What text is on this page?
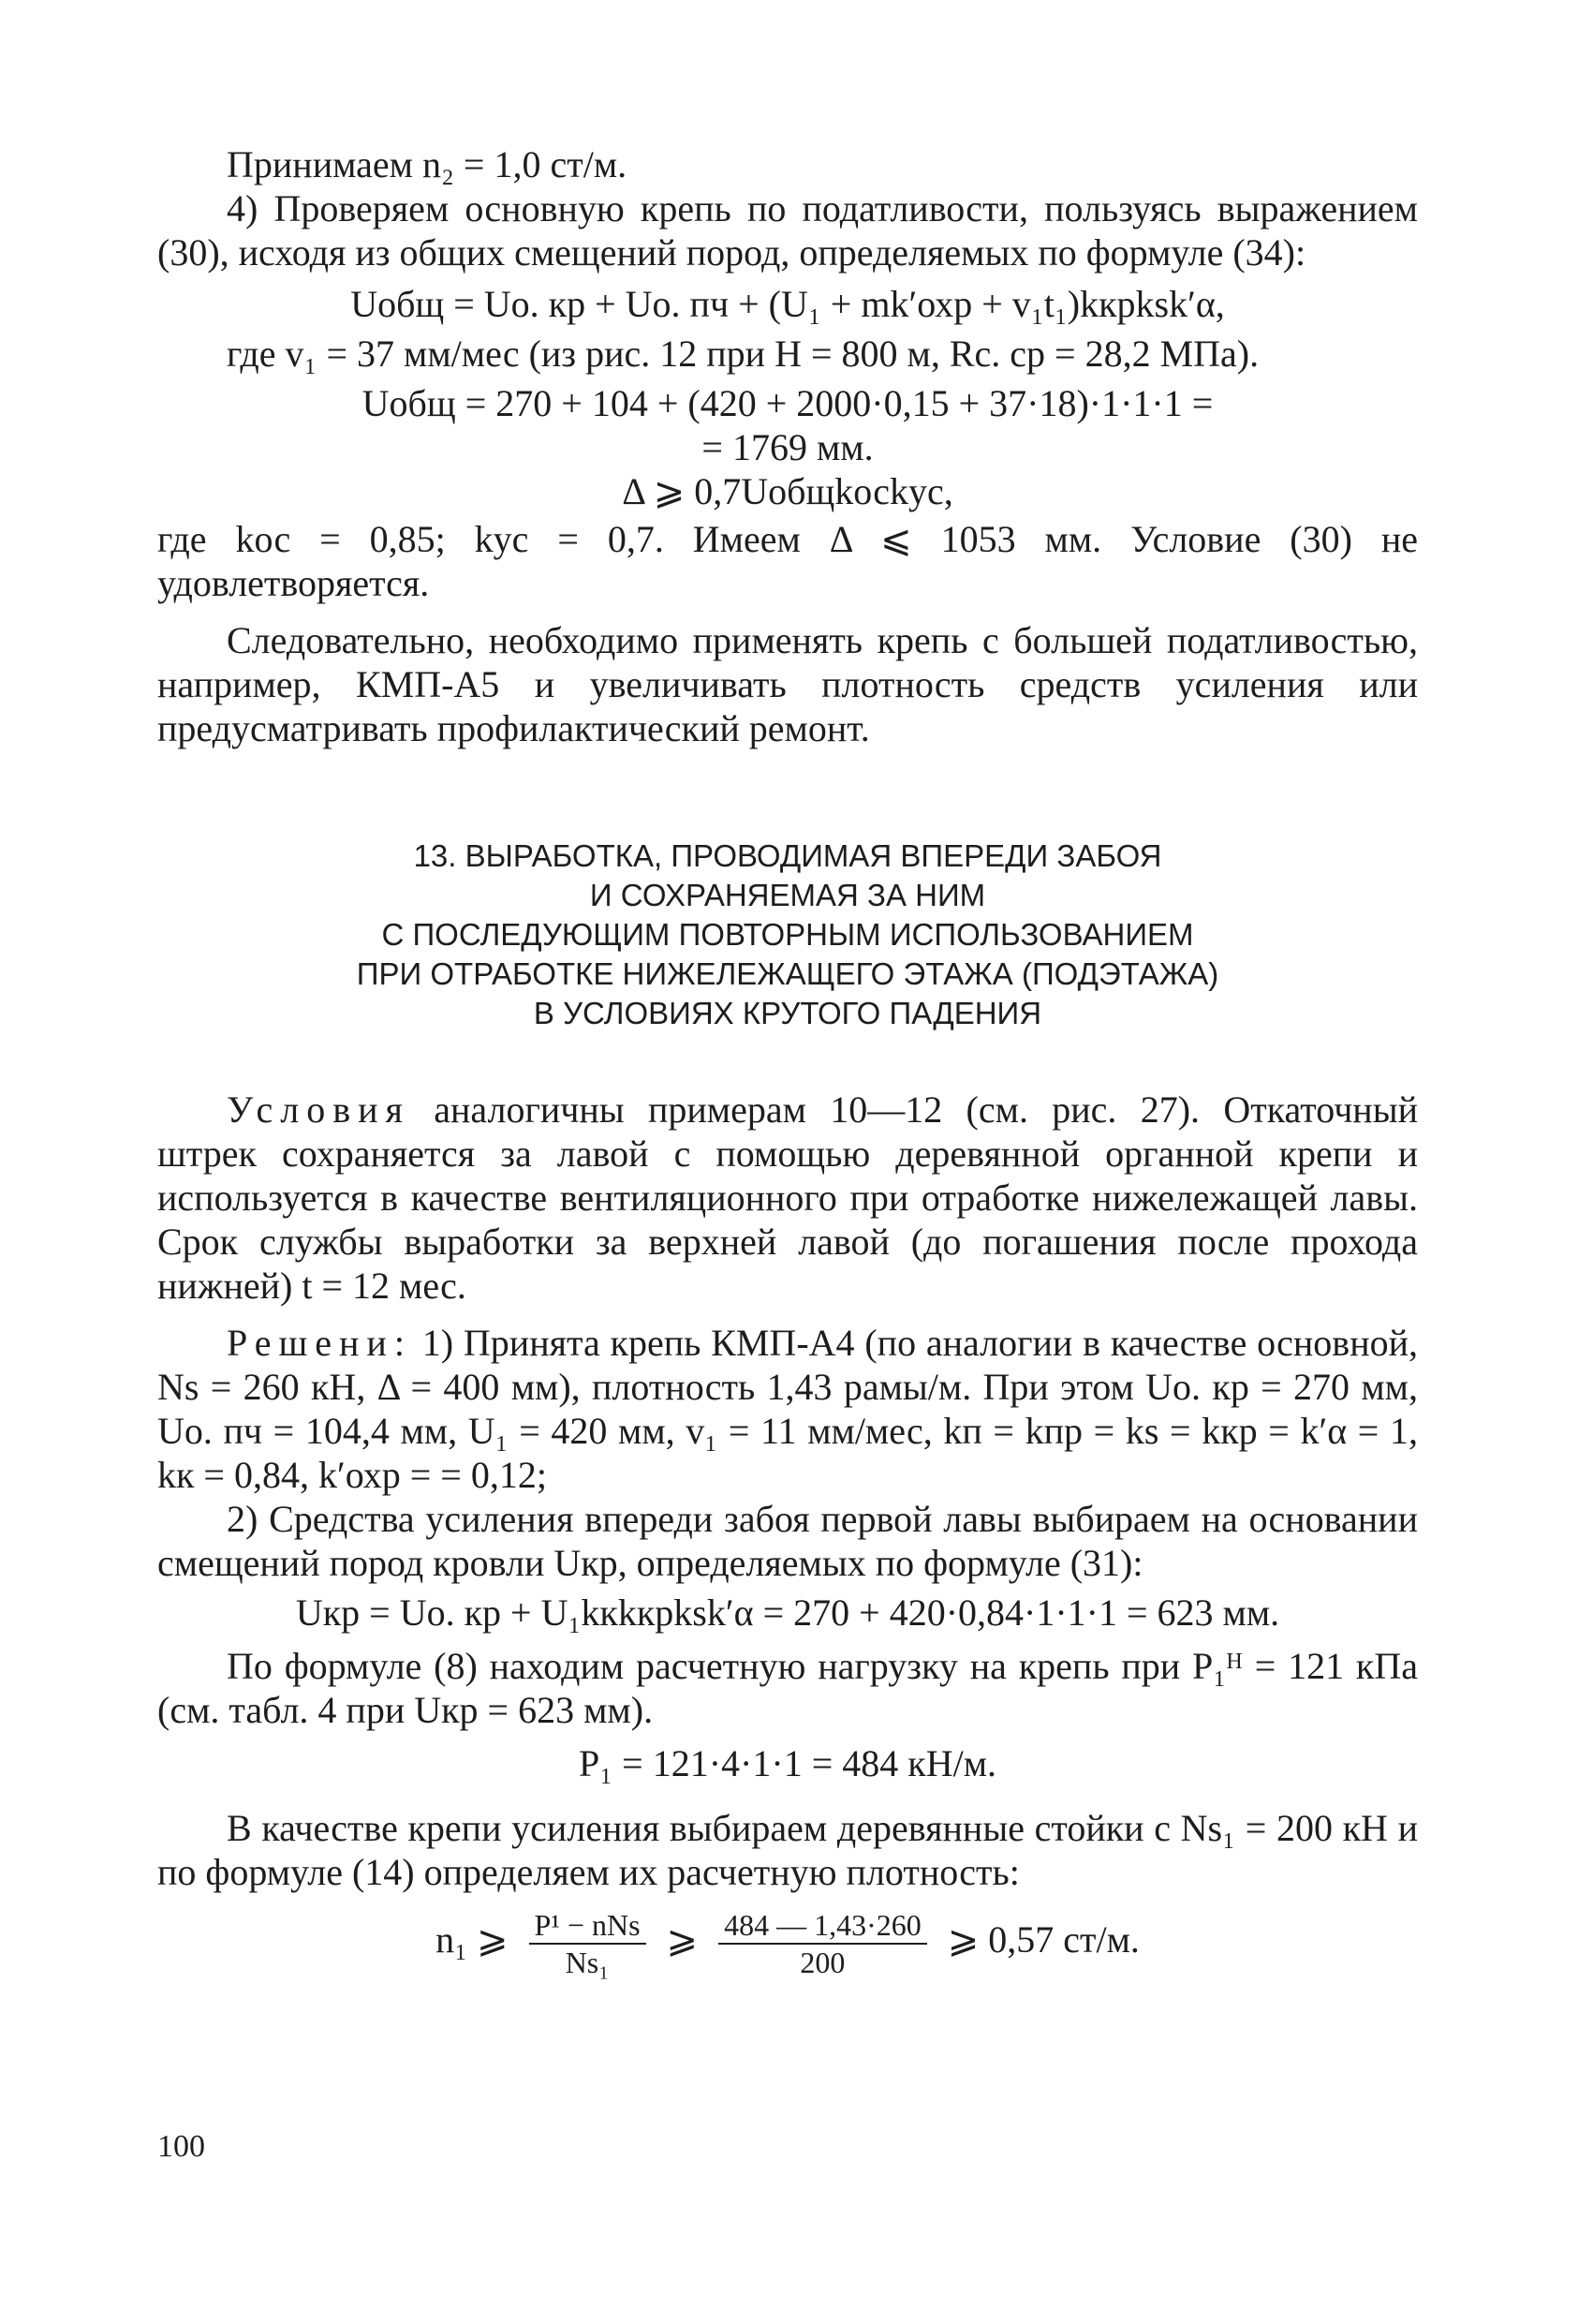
Принимаем n₂ = 1,0 ст/м.

4) Проверяем основную крепь по податливости, пользуясь выражением (30), исходя из общих смещений пород, определяемых по формуле (34):

Uобщ = Uо. кр + Uо. пч + (U₁ + mk′охр + v₁t₁)kкрksk′α,

где v₁ = 37 мм/мес (из рис. 12 при H = 800 м, Rс. ср = 28,2 МПа).

Uобщ = 270 + 104 + (420 + 2000·0,15 + 37·18)·1·1·1 =

= 1769 мм.

Δ ⩾ 0,7Uобщkосkус,

где kос = 0,85; kус = 0,7. Имеем Δ ⩽ 1053 мм. Условие (30) не удовлетворяется.

Следовательно, необходимо применять крепь с большей податливостью, например, КМП-А5 и увеличивать плотность средств усиления или предусматривать профилактический ремонт.

13. ВЫРАБОТКА, ПРОВОДИМАЯ ВПЕРЕДИ ЗАБОЯ
И СОХРАНЯЕМАЯ ЗА НИМ
С ПОСЛЕДУЮЩИМ ПОВТОРНЫМ ИСПОЛЬЗОВАНИЕМ
ПРИ ОТРАБОТКЕ НИЖЕЛЕЖАЩЕГО ЭТАЖА (ПОДЭТАЖА)
В УСЛОВИЯХ КРУТОГО ПАДЕНИЯ

Условия аналогичны примерам 10—12 (см. рис. 27). Откаточный штрек сохраняется за лавой с помощью деревянной органной крепи и используется в качестве вентиляционного при отработке нижележащей лавы. Срок службы выработки за верхней лавой (до погашения после прохода нижней) t = 12 мес.

Решени: 1) Принята крепь КМП-А4 (по аналогии в качестве основной, Ns = 260 кН, Δ = 400 мм), плотность 1,43 рамы/м. При этом Uо. кр = 270 мм, Uо. пч = 104,4 мм, U₁ = 420 мм, v₁ = 11 мм/мес, kп = kпр = ks = kкр = k′α = 1, kк = 0,84, k′охр = = 0,12;

2) Средства усиления впереди забоя первой лавы выбираем на основании смещений пород кровли Uкр, определяемых по формуле (31):

Uкр = Uо. кр + U₁kкkкрksk′α = 270 + 420·0,84·1·1·1 = 623 мм.

По формуле (8) находим расчетную нагрузку на крепь при P₁ᴴ = 121 кПа (см. табл. 4 при Uкр = 623 мм).

P₁ = 121·4·1·1 = 484 кН/м.

В качестве крепи усиления выбираем деревянные стойки с Ns₁ = 200 кН и по формуле (14) определяем их расчетную плотность:

n₁ ⩾ $\frac{\text{P¹ − nNs}}{\text{Ns₁}}$ ⩾ $\frac{484 — 1,43\cdot 260}{200}$ ⩾ 0,57 ст/м.

100
